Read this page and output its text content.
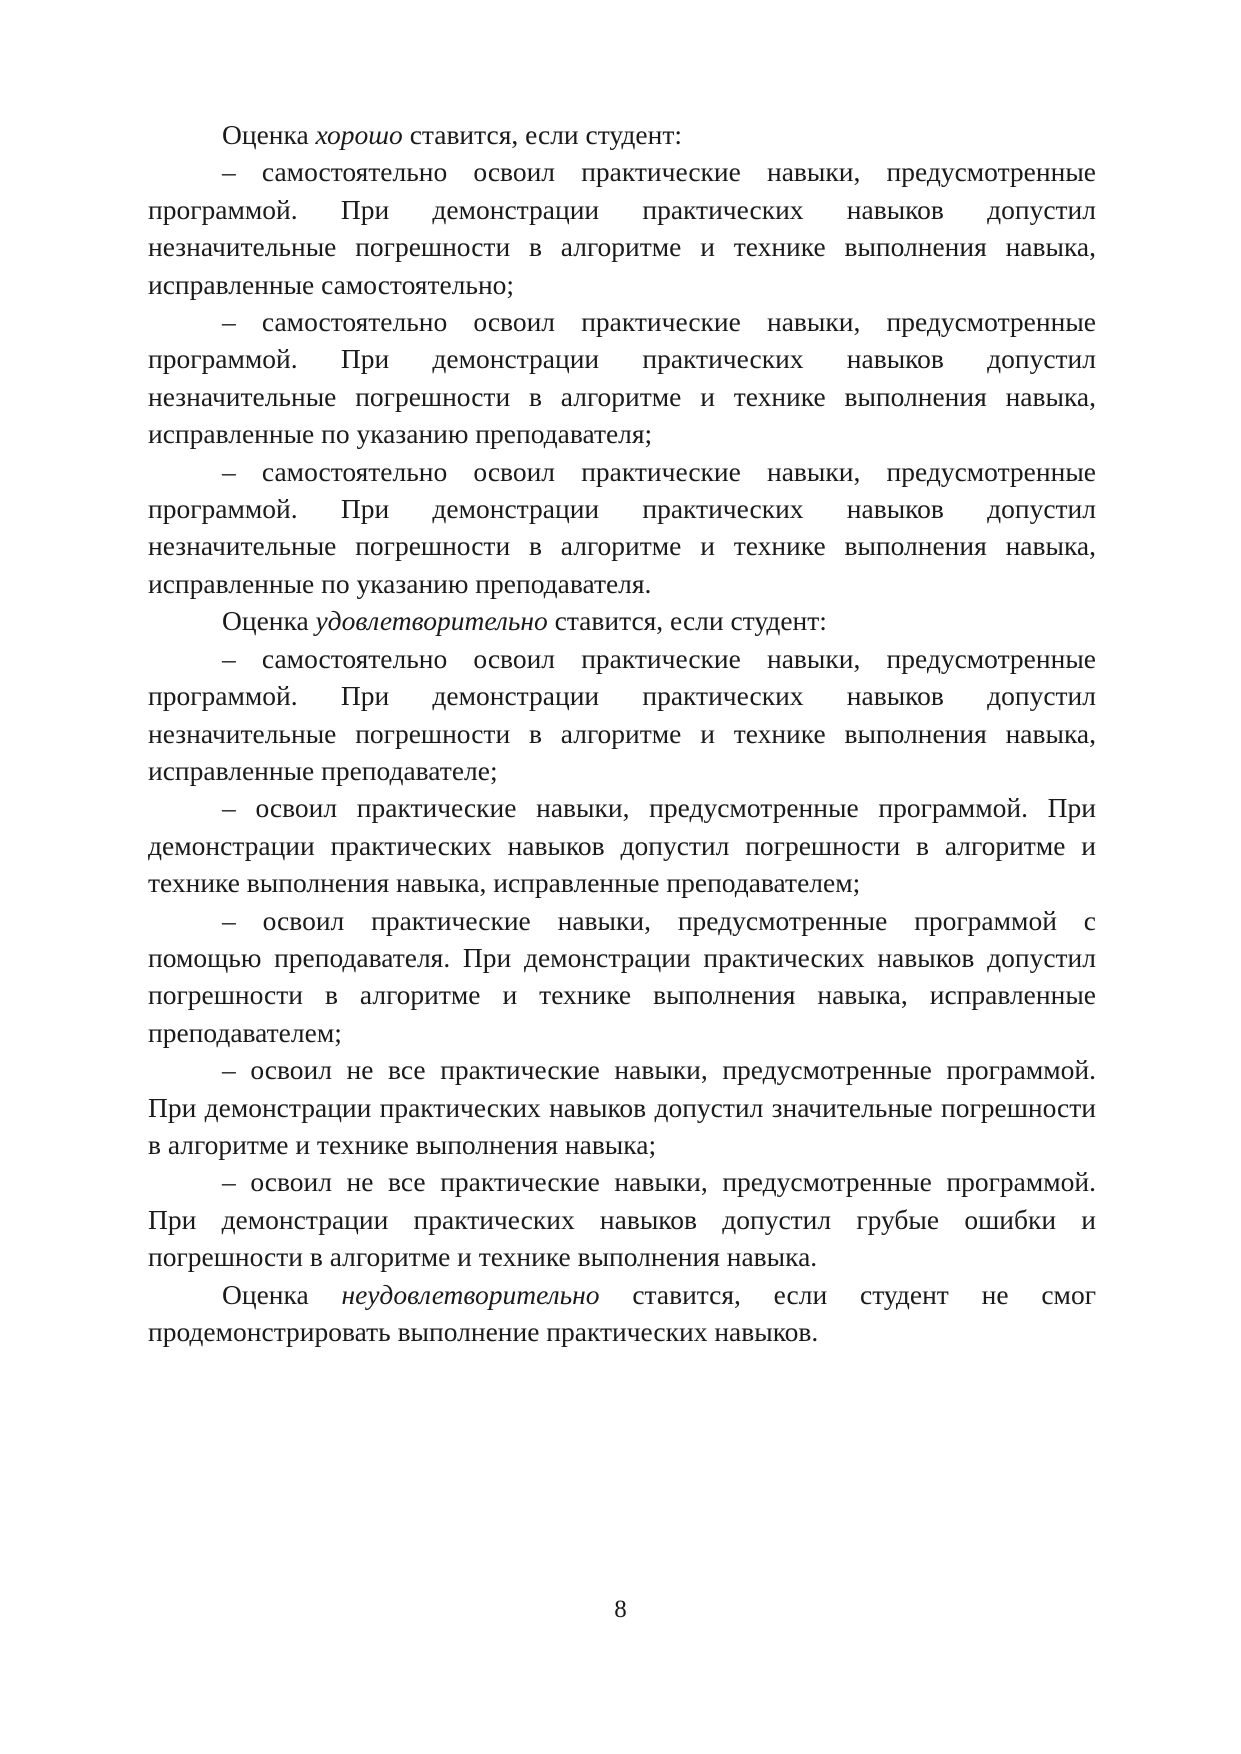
Оценка хорошо ставится, если студент:

– самостоятельно освоил практические навыки, предусмотренные программой. При демонстрации практических навыков допустил незначительные погрешности в алгоритме и технике выполнения навыка, исправленные самостоятельно;

– самостоятельно освоил практические навыки, предусмотренные программой. При демонстрации практических навыков допустил незначительные погрешности в алгоритме и технике выполнения навыка, исправленные по указанию преподавателя;

– самостоятельно освоил практические навыки, предусмотренные программой. При демонстрации практических навыков допустил незначительные погрешности в алгоритме и технике выполнения навыка, исправленные по указанию преподавателя.

Оценка удовлетворительно ставится, если студент:

– самостоятельно освоил практические навыки, предусмотренные программой. При демонстрации практических навыков допустил незначительные погрешности в алгоритме и технике выполнения навыка, исправленные преподавателе;

– освоил практические навыки, предусмотренные программой. При демонстрации практических навыков допустил погрешности в алгоритме и технике выполнения навыка, исправленные преподавателем;

– освоил практические навыки, предусмотренные программой с помощью преподавателя. При демонстрации практических навыков допустил погрешности в алгоритме и технике выполнения навыка, исправленные преподавателем;

– освоил не все практические навыки, предусмотренные программой. При демонстрации практических навыков допустил значительные погрешности в алгоритме и технике выполнения навыка;

– освоил не все практические навыки, предусмотренные программой. При демонстрации практических навыков допустил грубые ошибки и погрешности в алгоритме и технике выполнения навыка.

Оценка неудовлетворительно ставится, если студент не смог продемонстрировать выполнение практических навыков.

8
